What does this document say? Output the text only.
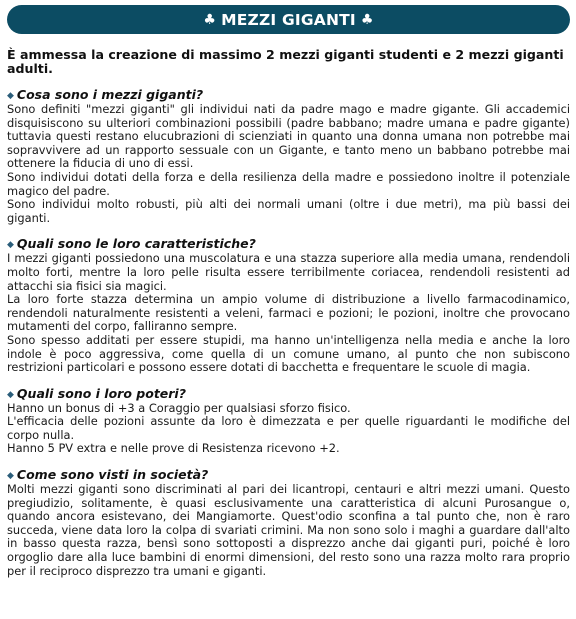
♣ MEZZI GIGANTI ♣

È ammessa la creazione di massimo 2 mezzi giganti studenti e 2 mezzi giganti adulti.

◆ Cosa sono i mezzi giganti?

Sono definiti "mezzi giganti" gli individui nati da padre mago e madre gigante. Gli accademici disquisiscono su ulteriori combinazioni possibili (padre babbano; madre umana e padre gigante) tuttavia questi restano elucubrazioni di scienziati in quanto una donna umana non potrebbe mai sopravvivere ad un rapporto sessuale con un Gigante, e tanto meno un babbano potrebbe mai ottenere la fiducia di uno di essi.

Sono individui dotati della forza e della resilienza della madre e possiedono inoltre il potenziale magico del padre.

Sono individui molto robusti, più alti dei normali umani (oltre i due metri), ma più bassi dei giganti.

◆ Quali sono le loro caratteristiche?

I mezzi giganti possiedono una muscolatura e una stazza superiore alla media umana, rendendoli molto forti, mentre la loro pelle risulta essere terribilmente coriacea, rendendoli resistenti ad attacchi sia fisici sia magici.

La loro forte stazza determina un ampio volume di distribuzione a livello farmacodinamico, rendendoli naturalmente resistenti a veleni, farmaci e pozioni; le pozioni, inoltre che provocano mutamenti del corpo, falliranno sempre.

Sono spesso additati per essere stupidi, ma hanno un'intelligenza nella media e anche la loro indole è poco aggressiva, come quella di un comune umano, al punto che non subiscono restrizioni particolari e possono essere dotati di bacchetta e frequentare le scuole di magia.

◆ Quali sono i loro poteri?

Hanno un bonus di +3 a Coraggio per qualsiasi sforzo fisico.

L'efficacia delle pozioni assunte da loro è dimezzata e per quelle riguardanti le modifiche del corpo nulla.

Hanno 5 PV extra e nelle prove di Resistenza ricevono +2.

◆ Come sono visti in società?

Molti mezzi giganti sono discriminati al pari dei licantropi, centauri e altri mezzi umani. Questo pregiudizio, solitamente, è quasi esclusivamente una caratteristica di alcuni Purosangue o, quando ancora esistevano, dei Mangiamorte. Quest'odio sconfina a tal punto che, non è raro succeda, viene data loro la colpa di svariati crimini. Ma non sono solo i maghi a guardare dall'alto in basso questa razza, bensì sono sottoposti a disprezzo anche dai giganti puri, poiché è loro orgoglio dare alla luce bambini di enormi dimensioni, del resto sono una razza molto rara proprio per il reciproco disprezzo tra umani e giganti.
